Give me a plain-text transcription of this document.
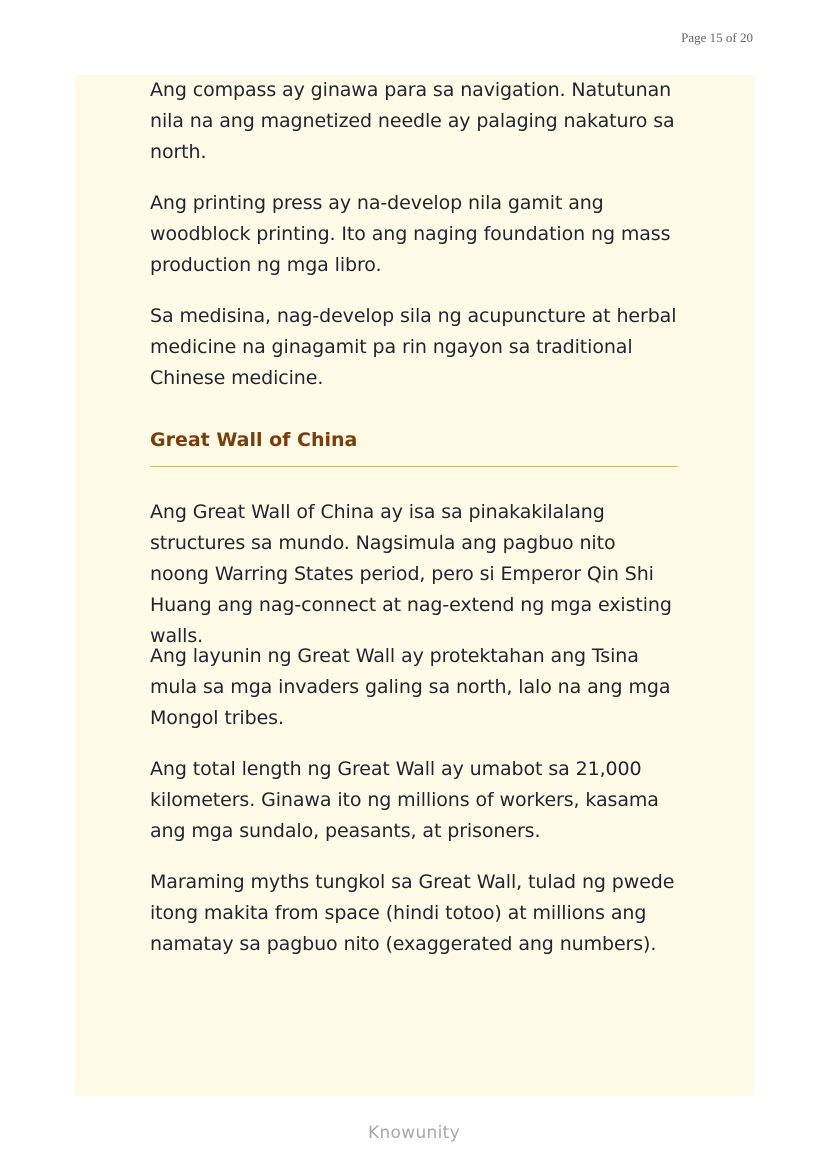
Page 15 of 20

Ang compass ay ginawa para sa navigation. Natutunan nila na ang magnetized needle ay palaging nakaturo sa north.

Ang printing press ay na-develop nila gamit ang woodblock printing. Ito ang naging foundation ng mass production ng mga libro.

Sa medisina, nag-develop sila ng acupuncture at herbal medicine na ginagamit pa rin ngayon sa traditional Chinese medicine.

Great Wall of China

Ang Great Wall of China ay isa sa pinakakilalang structures sa mundo. Nagsimula ang pagbuo nito noong Warring States period, pero si Emperor Qin Shi Huang ang nag-connect at nag-extend ng mga existing walls.

Ang layunin ng Great Wall ay protektahan ang Tsina mula sa mga invaders galing sa north, lalo na ang mga Mongol tribes.

Ang total length ng Great Wall ay umabot sa 21,000 kilometers. Ginawa ito ng millions of workers, kasama ang mga sundalo, peasants, at prisoners.

Maraming myths tungkol sa Great Wall, tulad ng pwede itong makita from space (hindi totoo) at millions ang namatay sa pagbuo nito (exaggerated ang numbers).

Knowunity
